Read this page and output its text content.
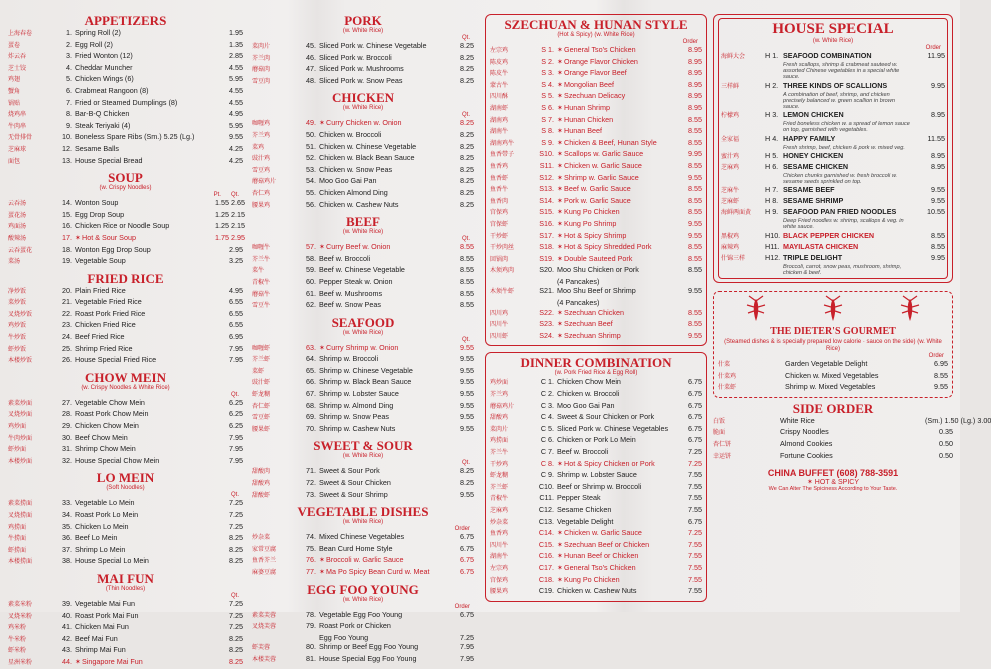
APPETIZERS
上海春卷	1. Spring Roll (2)	1.95
蛋卷	2. Egg Roll (2)	1.35
炸云吞	3. Fried Wonton (12)	2.85
芝士饺	4. Cheddar Muncher	4.55
鸡翅	5. Chicken Wings (6)	5.95
蟹角	6. Crabmeat Rangoon (8)	4.55
锅贴	7. Fried or Steamed Dumplings (8)	4.55
烧鸡串	8. Bar-B-Q Chicken	4.95
牛肉串	9. Steak Teriyaki (4)	5.95
无骨排骨	10. Boneless Spare Ribs (Sm.) 5.25 (Lg.)	9.55
芝麻球	12. Sesame Balls	4.25
面包	13. House Special Bread	4.25
SOUP
(w. Crispy Noodles)
Pt. Qt.
云吞汤	14. Wonton Soup	1.55 2.65
蛋花汤	15. Egg Drop Soup	1.25 2.15
鸡面汤	16. Chicken Rice or Noodle Soup	1.25 2.15
酸辣汤	17. ✶ Hot & Sour Soup	1.75 2.95
云吞蛋花	18. Wonton Egg Drop Soup	2.95
菜汤	19. Vegetable Soup	3.25
FRIED RICE
净炒饭	20. Plain Fried Rice	4.95
菜炒饭	21. Vegetable Fried Rice	6.55
叉烧炒饭	22. Roast Pork Fried Rice	6.55
鸡炒饭	23. Chicken Fried Rice	6.55
牛炒饭	24. Beef Fried Rice	6.95
虾炒饭	25. Shrimp Fried Rice	7.95
本楼炒饭	26. House Special Fried Rice	7.95
CHOW MEIN
(w. Crispy Noodles & White Rice)
Qt.
素菜炒面	27. Vegetable Chow Mein	6.25
叉烧炒面	28. Roast Pork Chow Mein	6.25
鸡炒面	29. Chicken Chow Mein	6.25
牛肉炒面	30. Beef Chow Mein	7.95
虾炒面	31. Shrimp Chow Mein	7.95
本楼炒面	32. House Special Chow Mein	7.95
LO MEIN
(Soft Noodles)
Qt.
素菜捞面	33. Vegetable Lo Mein	7.25
叉烧捞面	34. Roast Pork Lo Mein	7.25
鸡捞面	35. Chicken Lo Mein	7.25
牛捞面	36. Beef Lo Mein	8.25
虾捞面	37. Shrimp Lo Mein	8.25
本楼捞面	38. House Special Lo Mein	8.25
MAI FUN
(Thin Noodles)
Qt.
素菜米粉	39. Vegetable Mai Fun	7.25
叉烧米粉	40. Roast Pork Mai Fun	7.25
鸡米粉	41. Chicken Mai Fun	7.25
牛米粉	42. Beef Mai Fun	8.25
虾米粉	43. Shrimp Mai Fun	8.25
星洲米粉	44. ✶ Singapore Mai Fun	8.25
PORK
(w. White Rice)
Qt.
菜肉片	45. Sliced Pork w. Chinese Vegetable	8.25
芥兰肉	46. Sliced Pork w. Broccoli	8.25
蘑菇肉	47. Sliced Pork w. Mushrooms	8.25
雪豆肉	48. Sliced Pork w. Snow Peas	8.25
CHICKEN
(w. White Rice)
Qt.
咖喱鸡	49. ✶ Curry Chicken w. Onion	8.25
芥兰鸡	50. Chicken w. Broccoli	8.25
菜鸡	51. Chicken w. Chinese Vegetable	8.25
豉汁鸡	52. Chicken w. Black Bean Sauce	8.25
雪豆鸡	53. Chicken w. Snow Peas	8.25
蘑菇鸡片	54. Moo Goo Gai Pan	8.25
杏仁鸡	55. Chicken Almond Ding	8.25
腰果鸡	56. Chicken w. Cashew Nuts	8.25
BEEF
(w. White Rice)
Qt.
咖喱牛	57. ✶ Curry Beef w. Onion	8.55
芥兰牛	58. Beef w. Broccoli	8.55
菜牛	59. Beef w. Chinese Vegetable	8.55
青椒牛	60. Pepper Steak w. Onion	8.55
蘑菇牛	61. Beef w. Mushrooms	8.55
雪豆牛	62. Beef w. Snow Peas	8.55
SEAFOOD
(w. White Rice)
Qt.
咖喱虾	63. ✶ Curry Shrimp w. Onion	9.55
芥兰虾	64. Shrimp w. Broccoli	9.55
菜虾	65. Shrimp w. Chinese Vegetable	9.55
豉汁虾	66. Shrimp w. Black Bean Sauce	9.55
虾龙糊	67. Shrimp w. Lobster Sauce	9.55
杏仁虾	68. Shrimp w. Almond Ding	9.55
雪豆虾	69. Shrimp w. Snow Peas	9.55
腰果虾	70. Shrimp w. Cashew Nuts	9.55
SWEET & SOUR
(w. White Rice)
Qt.
甜酸肉	71. Sweet & Sour Pork	8.25
甜酸鸡	72. Sweet & Sour Chicken	8.25
甜酸虾	73. Sweet & Sour Shrimp	9.55
VEGETABLE DISHES
(w. White Rice)
Order
炒杂菜	74. Mixed Chinese Vegetables	6.75
家常豆腐	75. Bean Curd Home Style	6.75
鱼香芥兰	76. ✶ Broccoli w. Garlic Sauce	6.75
麻婆豆腐	77. ✶ Ma Po Spicy Bean Curd w. Meat	6.75
EGG FOO YOUNG
(w. White Rice)
Order
素菜芙蓉	78. Vegetable Egg Foo Young	6.75
叉烧芙蓉	79. Roast Pork or Chicken
Egg Foo Young	7.25
虾芙蓉	80. Shrimp or Beef Egg Foo Young	7.95
本楼芙蓉	81. House Special Egg Foo Young	7.95
SZECHUAN & HUNAN STYLE
(Hot & Spicy) (w. White Rice)
Order
左宗鸡	S 1. ✶ General Tso's Chicken	8.95
陈皮鸡	S 2. ✶ Orange Flavor Chicken	8.95
陈皮牛	S 3. ✶ Orange Flavor Beef	8.95
蒙古牛	S 4. ✶ Mongolian Beef	8.95
四川酥	S 5. ✶ Szechuan Delicacy	8.95
湖南虾	S 6. ✶ Hunan Shrimp	8.95
湖南鸡	S 7. ✶ Hunan Chicken	8.55
湖南牛	S 8. ✶ Hunan Beef	8.55
湖南鸡牛	S 9. ✶ Chicken & Beef, Hunan Style	8.55
鱼香带子	S10. ✶ Scallops w. Garlic Sauce	9.95
鱼香鸡	S11. ✶ Chicken w. Garlic Sauce	8.55
鱼香虾	S12. ✶ Shrimp w. Garlic Sauce	9.55
鱼香牛	S13. ✶ Beef w. Garlic Sauce	8.55
鱼香肉	S14. ✶ Pork w. Garlic Sauce	8.55
宫保鸡	S15. ✶ Kung Po Chicken	8.55
宫保虾	S16. ✶ Kung Po Shrimp	9.55
干炒虾	S17. ✶ Hot & Spicy Shrimp	9.55
干炒肉丝	S18. ✶ Hot & Spicy Shredded Pork	8.55
回锅肉	S19. ✶ Double Sauteed Pork	8.55
木须鸡肉	S20. Moo Shu Chicken or Pork	8.55
(4 Pancakes)
木须牛虾	S21. Moo Shu Beef or Shrimp	9.55
(4 Pancakes)
四川鸡	S22. ✶ Szechuan Chicken	8.55
四川牛	S23. ✶ Szechuan Beef	8.55
四川虾	S24. ✶ Szechuan Shrimp	9.55
DINNER COMBINATION
(w. Pork Fried Rice & Egg Roll)
鸡炒面	C 1. Chicken Chow Mein	6.75
芥兰鸡	C 2. Chicken w. Broccoli	6.75
蘑菇鸡片	C 3. Moo Goo Gai Pan	6.75
甜酸鸡	C 4. Sweet & Sour Chicken or Pork	6.75
菜肉片	C 5. Sliced Pork w. Chinese Vegetables	6.75
鸡捞面	C 6. Chicken or Pork Lo Mein	6.75
芥兰牛	C 7. Beef w. Broccoli	7.25
干炒鸡	C 8. ✶ Hot & Spicy Chicken or Pork	7.25
虾龙糊	C 9. Shrimp w. Lobster Sauce	7.55
芥兰虾	C10. Beef or Shrimp w. Broccoli	7.55
青椒牛	C11. Pepper Steak	7.55
芝麻鸡	C12. Sesame Chicken	7.55
炒杂菜	C13. Vegetable Delight	6.75
鱼香鸡	C14. ✶ Chicken w. Garlic Sauce	7.25
四川牛	C15. ✶ Szechuan Beef or Chicken	7.55
湖南牛	C16. ✶ Hunan Beef or Chicken	7.55
左宗鸡	C17. ✶ General Tso's Chicken	7.55
宫保鸡	C18. ✶ Kung Po Chicken	7.55
腰果鸡	C19. Chicken w. Cashew Nuts	7.55
HOUSE SPECIAL
(w. White Rice)
Order
海鲜大会	H 1. SEAFOOD COMBINATION	11.95
Fresh scallops, shrimp & crabmeat sauteed w. assorted Chinese vegetables in a special white sauce.
三样鲜	H 2. THREE KINDS OF SCALLIONS	9.95
A combination of beef, shrimp, and chicken precisely balanced w. green scallion in brown sauce.
柠檬鸡	H 3. LEMON CHICKEN	8.95
Fried boneless chicken w. a spread of lemon sauce on top, garnished with vegetables.
全家福	H 4. HAPPY FAMILY	11.55
Fresh shrimp, beef, chicken & pork w. mixed veg.
蜜汁鸡	H 5. HONEY CHICKEN	8.95
芝麻鸡	H 6. SESAME CHICKEN	8.95
Chicken chunks garnished w. fresh broccoli w. sesame seeds sprinkled on top.
芝麻牛	H 7. SESAME BEEF	9.55
芝麻虾	H 8. SESAME SHRIMP	9.55
海鲜两面黄	H 9. SEAFOOD PAN FRIED NOODLES	10.55
Deep Fried noodles w. shrimp, scallops & veg. in white sauce.
黑椒鸡	H10. BLACK PEPPER CHICKEN	8.55
麻辣鸡	H11. MAYILASTA CHICKEN	8.55
什锦三样	H12. TRIPLE DELIGHT	9.95
Broccoli, carrot, snow peas, mushroom, shrimp, chicken & beef.
THE DIETER'S GOURMET
(Steamed dishes & is specially prepared low calorie · sauce on the side) (w. White Rice)
Order
什菜	Garden Vegetable Delight	6.95
什菜鸡	Chicken w. Mixed Vegetables	8.55
什菜虾	Shrimp w. Mixed Vegetables	9.55
SIDE ORDER
白饭	White Rice	(Sm.) 1.50 (Lg.) 3.00
脆面	Crispy Noodles	0.35
杏仁饼	Almond Cookies	0.50
幸运饼	Fortune Cookies	0.50
CHINA BUFFET (608) 788-3591
✶ HOT & SPICY
We Can Alter The Spiciness According to Your Taste.
